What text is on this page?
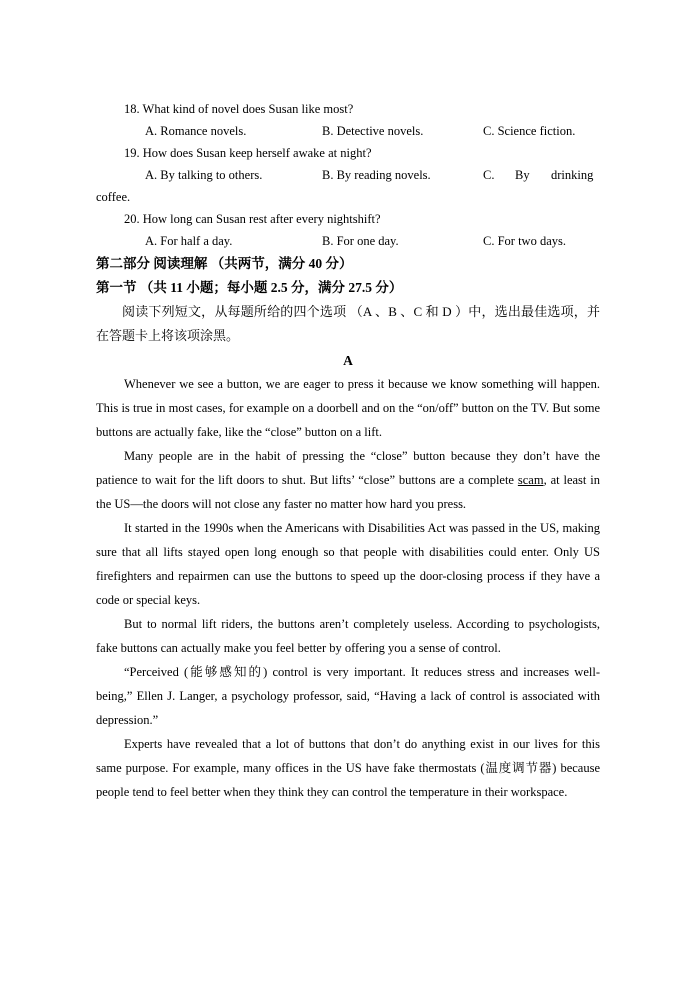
18. What kind of novel does Susan like most?
A. Romance novels.	B. Detective novels.	C. Science fiction.
19. How does Susan keep herself awake at night?
A. By talking to others.	B. By reading novels.	C. By drinking
coffee.
20. How long can Susan rest after every nightshift?
A. For half a day.	B. For one day.	C. For two days.
第二部分 阅读理解 （共两节，满分 40 分）
第一节 （共 11 小题；每小题 2.5 分，满分 27.5 分）
阅读下列短文，从每题所给的四个选项 （A 、B 、C 和 D ）中，选出最佳选项，并在答题卡上将该项涂黑。
A

Whenever we see a button, we are eager to press it because we know something will happen. This is true in most cases, for example on a doorbell and on the “on/off” button on the TV. But some buttons are actually fake, like the “close” button on a lift.

Many people are in the habit of pressing the “close” button because they don’t have the patience to wait for the lift doors to shut. But lifts’ “close” buttons are a complete scam, at least in the US—the doors will not close any faster no matter how hard you press.

It started in the 1990s when the Americans with Disabilities Act was passed in the US, making sure that all lifts stayed open long enough so that people with disabilities could enter. Only US firefighters and repairmen can use the buttons to speed up the door-closing process if they have a code or special keys.

But to normal lift riders, the buttons aren’t completely useless. According to psychologists, fake buttons can actually make you feel better by offering you a sense of control.

“Perceived (能够感知的) control is very important. It reduces stress and increases well-being,” Ellen J. Langer, a psychology professor, said, “Having a lack of control is associated with depression.”

Experts have revealed that a lot of buttons that don’t do anything exist in our lives for this same purpose. For example, many offices in the US have fake thermostats (温度调节器) because people tend to feel better when they think they can control the temperature in their workspace.
